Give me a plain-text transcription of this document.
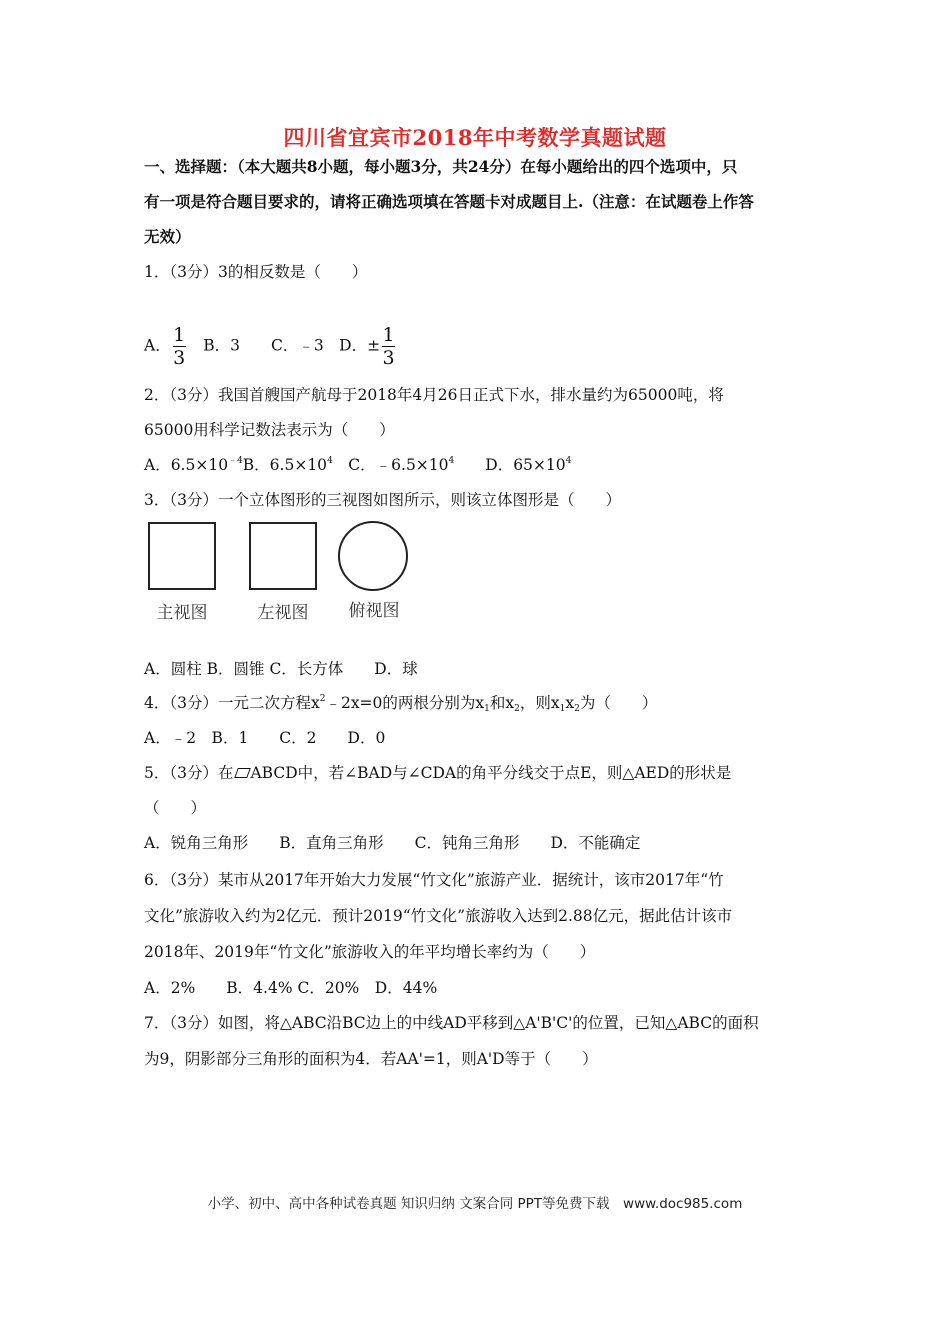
四川省宜宾市2018年中考数学真题试题
一、选择题：（本大题共8小题，每小题3分，共24分）在每小题给出的四个选项中，只
有一项是符合题目要求的，请将正确选项填在答题卡对成题目上.（注意：在试题卷上作答
无效）
1．（3分）3的相反数是（　　）
A． $\frac{1}{3}$ 　B．3　　C．﹣3　D．± $\frac{1}{3}$
2．（3分）我国首艘国产航母于2018年4月26日正式下水，排水量约为65000吨，将
65000用科学记数法表示为（　　）
A．$6.5\times 10^{﹣4}B$．$6.5\times 10^4$　C．$﹣6.5\times 10^4$　　D．$65\times 10^4$
3．（3分）一个立体图形的三视图如图所示，则该立体图形是（　　）
主视图	左视图	俯视图
A．圆柱 B．圆锥 C．长方体　　D．球
4．（3分）一元二次方程$x^2﹣2x=0$的两根分别为$x_1$和$x_2$，则$x_1x_2$为（　　）
A．﹣2　B．1　　C．2　　D．0
5．（3分）在 ABCD中，若∠BAD与∠CDA的角平分线交于点E，则△AED的形状是
（　　）
A．锐角三角形　　B．直角三角形　　C．钝角三角形　　D．不能确定
6．（3分）某市从2017年开始大力发展“竹文化”旅游产业．据统计，该市2017年“竹
文化”旅游收入约为2亿元．预计2019“竹文化”旅游收入达到2.88亿元，据此估计该市
2018年、2019年“竹文化”旅游收入的年平均增长率约为（　　）
A．2%　　B．4.4% C．20%　D．44%
7．（3分）如图，将△ABC沿BC边上的中线AD平移到△A'B'C'的位置，已知△ABC的面积
为9，阴影部分三角形的面积为4．若AA'=1，则A'D等于（　　）
小学、初中、高中各种试卷真题 知识归纳 文案合同 PPT等免费下载　www.doc985.com
